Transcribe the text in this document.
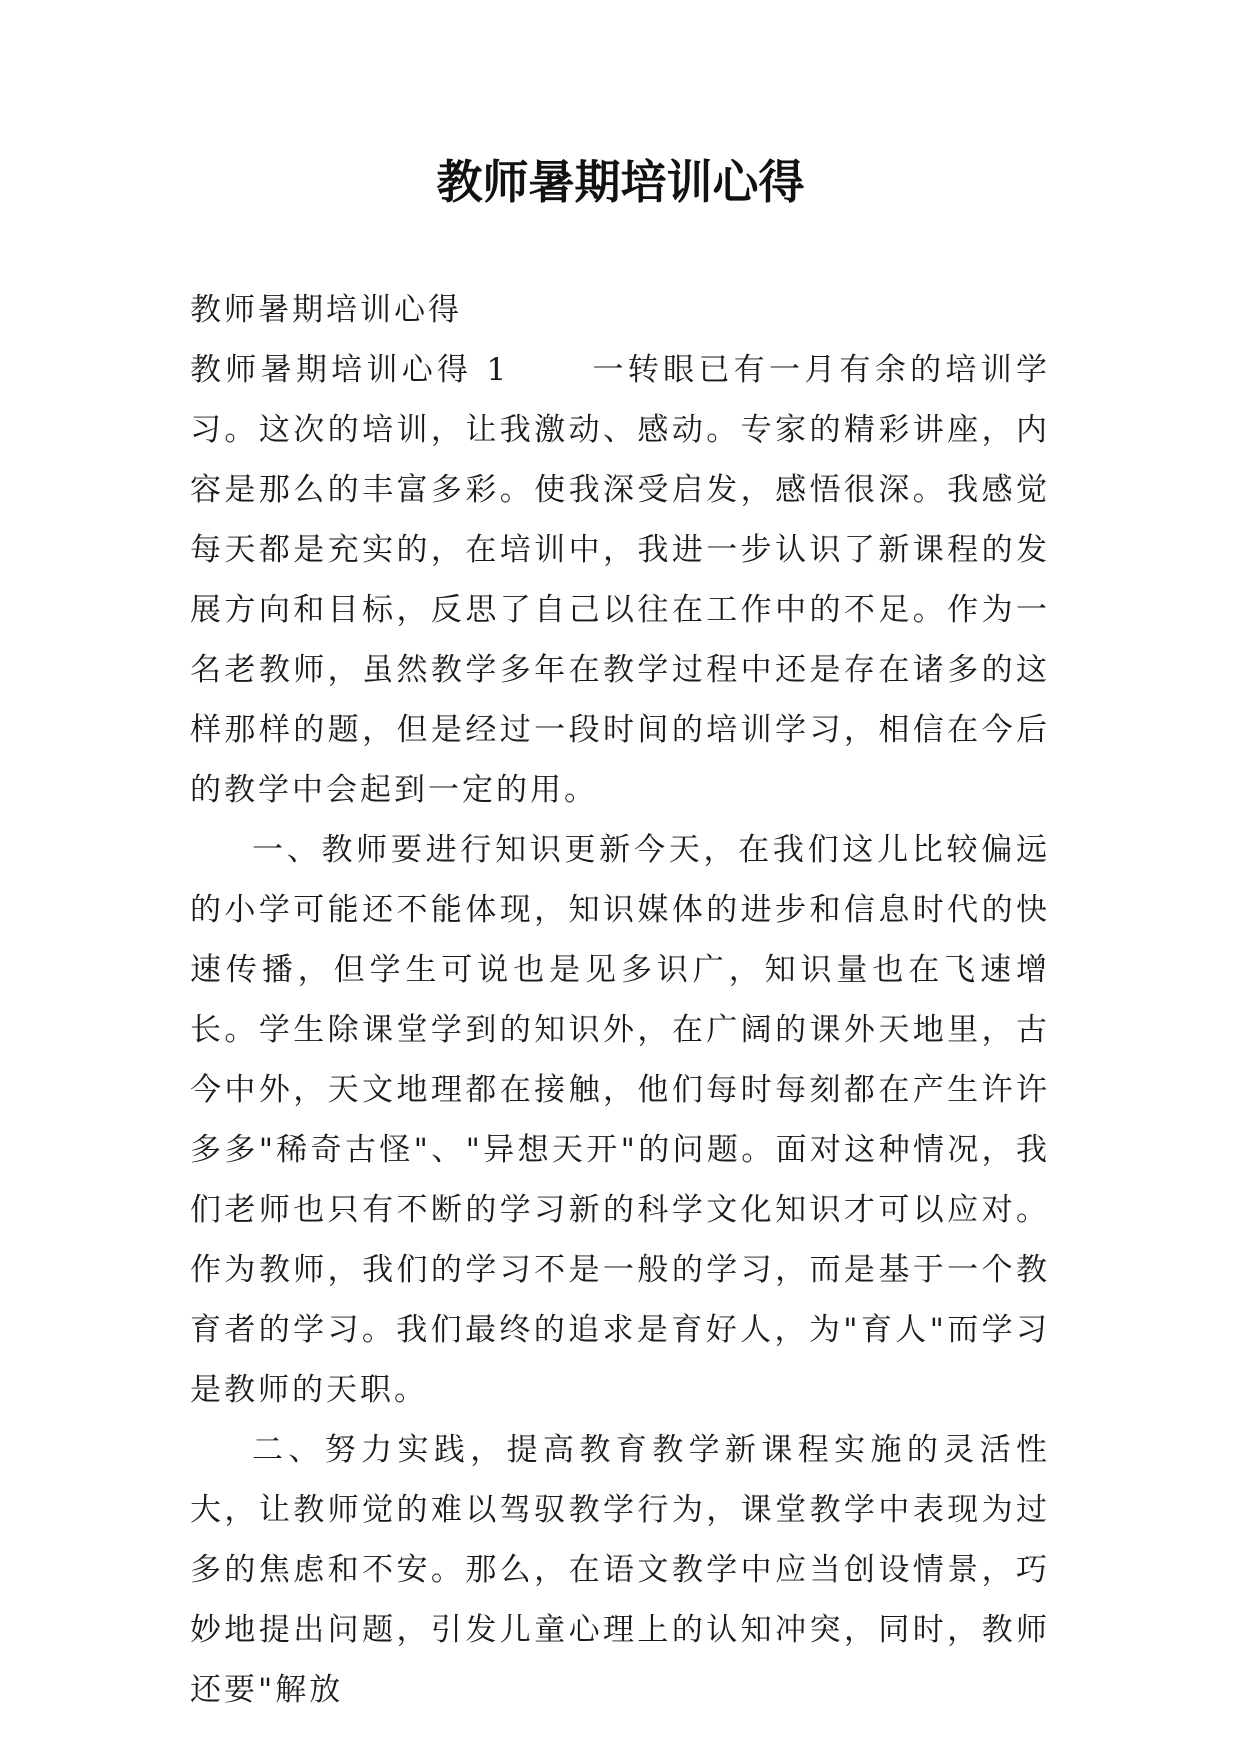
教师暑期培训心得

教师暑期培训心得

教师暑期培训心得 1	一转眼已有一月有余的培训学习。这次的培训，让我激动、感动。专家的精彩讲座，内容是那么的丰富多彩。使我深受启发，感悟很深。我感觉每天都是充实的，在培训中，我进一步认识了新课程的发展方向和目标，反思了自己以往在工作中的不足。作为一名老教师，虽然教学多年在教学过程中还是存在诸多的这样那样的题，但是经过一段时间的培训学习，相信在今后的教学中会起到一定的用。

一、教师要进行知识更新今天，在我们这儿比较偏远的小学可能还不能体现，知识媒体的进步和信息时代的快速传播，但学生可说也是见多识广，知识量也在飞速增长。学生除课堂学到的知识外，在广阔的课外天地里，古今中外，天文地理都在接触，他们每时每刻都在产生许许多多"稀奇古怪"、"异想天开"的问题。面对这种情况，我们老师也只有不断的学习新的科学文化知识才可以应对。作为教师，我们的学习不是一般的学习，而是基于一个教育者的学习。我们最终的追求是育好人，为"育人"而学习是教师的天职。

二、努力实践，提高教育教学新课程实施的灵活性大，让教师觉的难以驾驭教学行为，课堂教学中表现为过多的焦虑和不安。那么，在语文教学中应当创设情景，巧妙地提出问题，引发儿童心理上的认知冲突，同时，教师还要"解放
